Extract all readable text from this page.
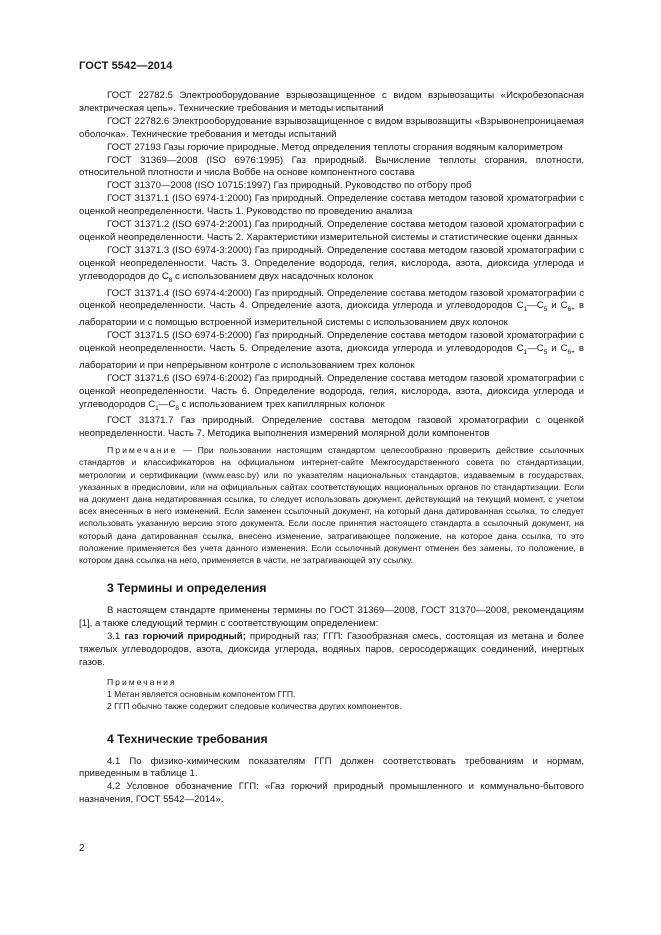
ГОСТ 5542—2014

ГОСТ 22782.5 Электрооборудование взрывозащищенное с видом взрывозащиты «Искробезопасная электрическая цепь». Технические требования и методы испытаний

ГОСТ 22782.6 Электрооборудование взрывозащищенное с видом взрывозащиты «Взрывонепроницаемая оболочка». Технические требования и методы испытаний

ГОСТ 27193 Газы горючие природные. Метод определения теплоты сгорания водяным калориметром

ГОСТ 31369—2008 (ISO 6976:1995) Газ природный. Вычисление теплоты сгорания, плотности, относительной плотности и числа Воббе на основе компонентного состава

ГОСТ 31370—2008 (ISO 10715:1997) Газ природный. Руководство по отбору проб

ГОСТ 31371.1 (ISO 6974-1:2000) Газ природный. Определение состава методом газовой хроматографии с оценкой неопределенности. Часть 1. Руководство по проведению анализа

ГОСТ 31371.2 (ISO 6974-2:2001) Газ природный. Определение состава методом газовой хроматографии с оценкой неопределенности. Часть 2. Характеристики измерительной системы и статистические оценки данных

ГОСТ 31371.3 (ISO 6974-3:2000) Газ природный. Определение состава методом газовой хроматографии с оценкой неопределенности. Часть 3. Определение водорода, гелия, кислорода, азота, диоксида углерода и углеводородов до $C_8$ с использованием двух насадочных колонок

ГОСТ 31371.4 (ISO 6974-4:2000) Газ природный. Определение состава методом газовой хроматографии с оценкой неопределенности. Часть 4. Определение азота, диоксида углерода и углеводородов $C_1—C_5$ и $C_{6+}$ в лаборатории и с помощью встроенной измерительной системы с использованием двух колонок

ГОСТ 31371.5 (ISO 6974-5:2000) Газ природный. Определение состава методом газовой хроматографии с оценкой неопределенности. Часть 5. Определение азота, диоксида углерода и углеводородов $C_1—C_5$ и $C_{6+}$ в лаборатории и при непрерывном контроле с использованием трех колонок

ГОСТ 31371.6 (ISO 6974-6:2002) Газ природный. Определение состава методом газовой хроматографии с оценкой неопределенности. Часть 6. Определение водорода, гелия, кислорода, азота, диоксида углерода и углеводородов $C_1—C_8$ с использованием трех капиллярных колонок

ГОСТ 31371.7 Газ природный. Определение состава методом газовой хроматографии с оценкой неопределенности. Часть 7. Методика выполнения измерений молярной доли компонентов

Примечание — При пользовании настоящим стандартом целесообразно проверить действие ссылочных стандартов и классификаторов на официальном интернет-сайте Межгосударственного совета по стандартизации, метрологии и сертификации (www.easc.by) или по указателям национальных стандартов, издаваемым в государствах, указанных в предисловии, или на официальных сайтах соответствующих национальных органов по стандартизации. Если на документ дана недатированная ссылка, то следует использовать документ, действующий на текущий момент, с учетом всех внесенных в него изменений. Если заменен ссылочный документ, на который дана датированная ссылка, то следует использовать указанную версию этого документа. Если после принятия настоящего стандарта в ссылочный документ, на который дана датированная ссылка, внесено изменение, затрагивающее положение, на которое дана ссылка, то это положение применяется без учета данного изменения. Если ссылочный документ отменен без замены, то положение, в котором дана ссылка на него, применяется в части, не затрагивающей эту ссылку.

3 Термины и определения

В настоящем стандарте применены термины по ГОСТ 31369—2008, ГОСТ 31370—2008, рекомендациям [1], а также следующий термин с соответствующим определением:

3.1 газ горючий природный; природный газ; ГГП: Газообразная смесь, состоящая из метана и более тяжелых углеводородов, азота, диоксида углерода, водяных паров, серосодержащих соединений, инертных газов.

Примечания

1 Метан является основным компонентом ГГП.

2 ГГП обычно также содержит следовые количества других компонентов.

4 Технические требования

4.1 По физико-химическим показателям ГГП должен соответствовать требованиям и нормам, приведенным в таблице 1.

4.2 Условное обозначение ГГП: «Газ горючий природный промышленного и коммунально-бытового назначения, ГОСТ 5542—2014».

2
